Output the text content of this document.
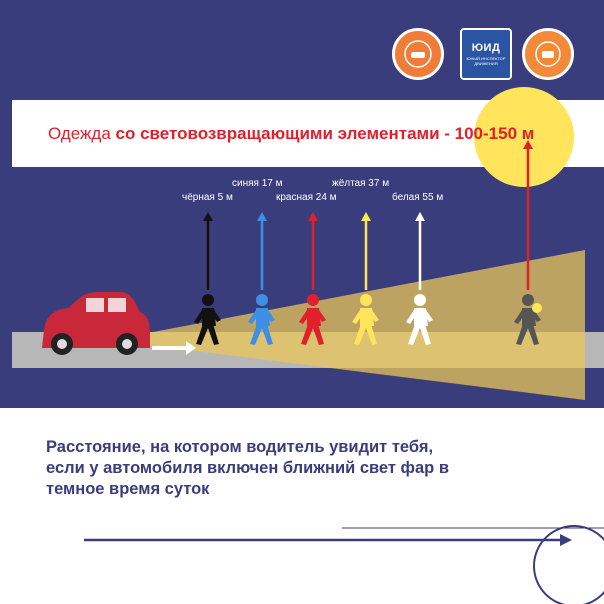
Одежда со световозвращающими элементами - 100-150 м
чёрная 5 м
синяя 17 м
красная 24 м
жёлтая 37 м
белая 55 м
Расстояние, на котором водитель увидит тебя, если у автомобиля включен ближний свет фар в темное время суток
ЮИД
ЮНЫЙ ИНСПЕКТОР ДВИЖЕНИЯ
